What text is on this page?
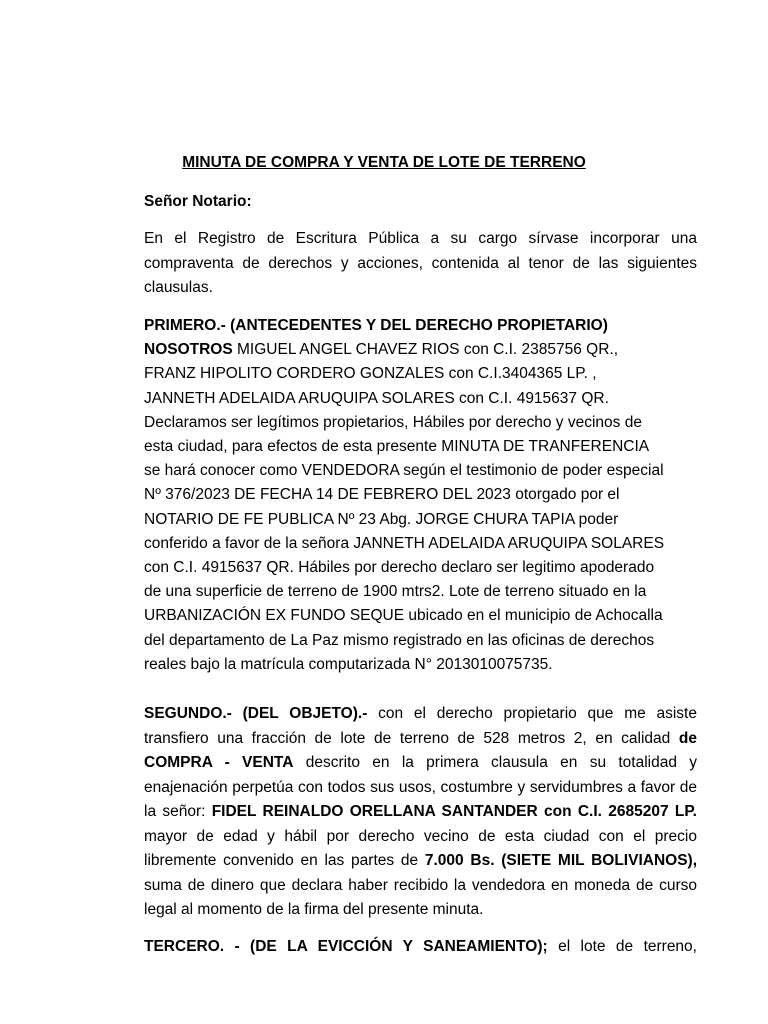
MINUTA DE COMPRA Y VENTA DE LOTE DE TERRENO
Señor Notario:
En el Registro de Escritura Pública a su cargo sírvase incorporar una compraventa de derechos y acciones, contenida al tenor de las siguientes clausulas.
PRIMERO.- (ANTECEDENTES Y DEL DERECHO PROPIETARIO)
NOSOTROS MIGUEL ANGEL CHAVEZ RIOS con C.I. 2385756 QR.,
FRANZ HIPOLITO CORDERO GONZALES con C.I.3404365 LP. ,
JANNETH ADELAIDA ARUQUIPA SOLARES con C.I. 4915637 QR.
Declaramos ser legítimos propietarios, Hábiles por derecho y vecinos de
esta ciudad, para efectos de esta presente MINUTA DE TRANFERENCIA
se hará conocer como VENDEDORA según el testimonio de poder especial
Nº 376/2023 DE FECHA 14 DE FEBRERO DEL 2023 otorgado por el
NOTARIO DE FE PUBLICA Nº 23 Abg. JORGE CHURA TAPIA poder
conferido a favor de la señora JANNETH ADELAIDA ARUQUIPA SOLARES
con C.I. 4915637 QR. Hábiles por derecho declaro ser legitimo apoderado
de una superficie de terreno de 1900 mtrs2. Lote de terreno situado en la
URBANIZACIÓN EX FUNDO SEQUE ubicado en el municipio de Achocalla
del departamento de La Paz mismo registrado en las oficinas de derechos
reales bajo la matrícula computarizada N° 2013010075735.
SEGUNDO.- (DEL OBJETO).- con el derecho propietario que me asiste transfiero una fracción de lote de terreno de 528 metros 2, en calidad de COMPRA - VENTA descrito en la primera clausula en su totalidad y enajenación perpetúa con todos sus usos, costumbre y servidumbres a favor de la señor: FIDEL REINALDO ORELLANA SANTANDER con C.I. 2685207 LP. mayor de edad y hábil por derecho vecino de esta ciudad con el precio libremente convenido en las partes de 7.000 Bs. (SIETE MIL BOLIVIANOS), suma de dinero que declara haber recibido la vendedora en moneda de curso legal al momento de la firma del presente minuta.
TERCERO. - (DE LA EVICCIÓN Y SANEAMIENTO); el lote de terreno,
